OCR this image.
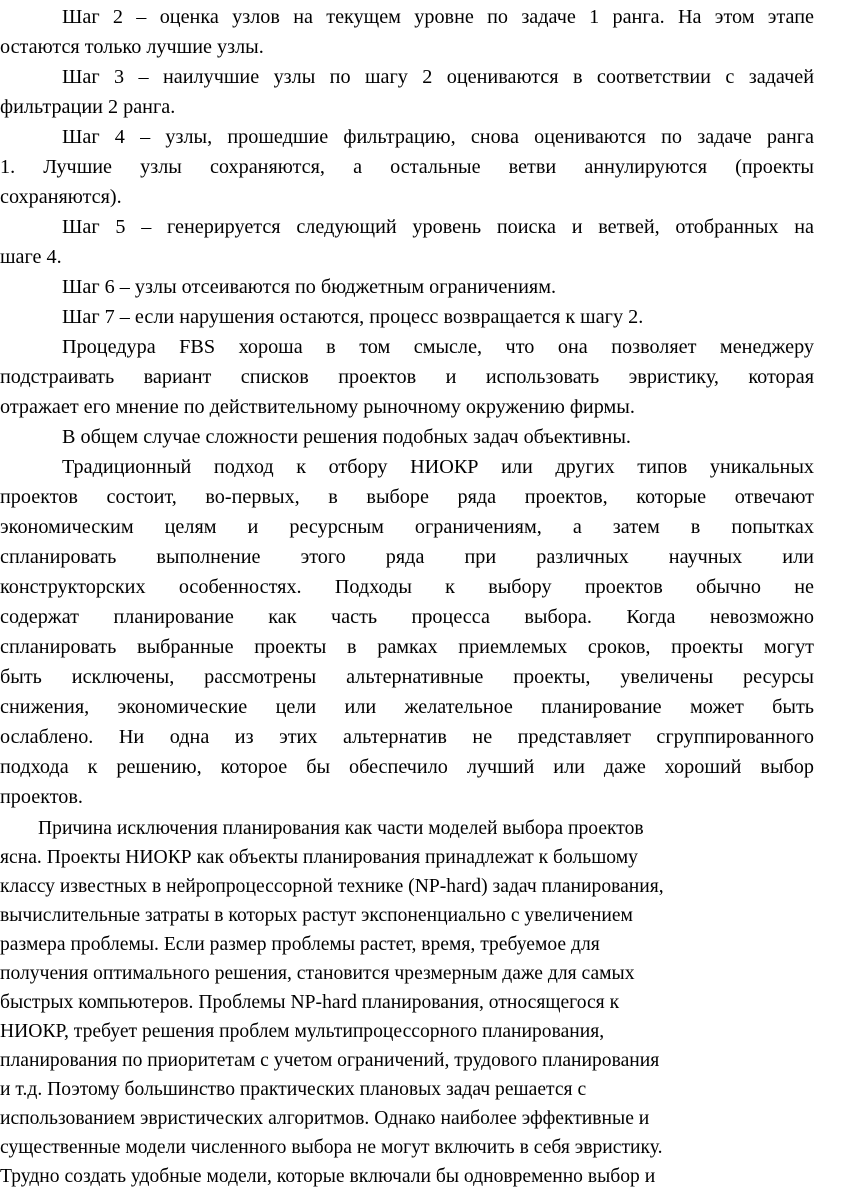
Шаг 2 – оценка узлов на текущем уровне по задаче 1 ранга. На этом этапе

остаются только лучшие узлы.

Шаг 3 – наилучшие узлы по шагу 2 оцениваются в соответствии с задачей

фильтрации 2 ранга.

Шаг 4 – узлы, прошедшие фильтрацию, снова оцениваются по задаче ранга

1. Лучшие узлы сохраняются, а остальные ветви аннулируются (проекты

сохраняются).

Шаг 5 – генерируется следующий уровень поиска и ветвей, отобранных на

шаге 4.

Шаг 6 – узлы отсеиваются по бюджетным ограничениям.

Шаг 7 – если нарушения остаются, процесс возвращается к шагу 2.

Процедура FBS хороша в том смысле, что она позволяет менеджеру

подстраивать вариант списков проектов и использовать эвристику, которая

отражает его мнение по действительному рыночному окружению фирмы.

В общем случае сложности решения подобных задач объективны.

Традиционный подход к отбору НИОКР или других типов уникальных

проектов состоит, во-первых, в выборе ряда проектов, которые отвечают

экономическим целям и ресурсным ограничениям, а затем в попытках

спланировать выполнение этого ряда при различных научных или

конструкторских особенностях. Подходы к выбору проектов обычно не

содержат планирование как часть процесса выбора. Когда невозможно

спланировать выбранные проекты в рамках приемлемых сроков, проекты могут

быть исключены, рассмотрены альтернативные проекты, увеличены ресурсы

снижения, экономические цели или желательное планирование может быть

ослаблено. Ни одна из этих альтернатив не представляет сгруппированного

подхода к решению, которое бы обеспечило лучший или даже хороший выбор

проектов.

Причина исключения планирования как части моделей выбора проектов

ясна. Проекты НИОКР как объекты планирования принадлежат к большому

классу известных в нейропроцессорной технике (NP-hard) задач планирования,

вычислительные затраты в которых растут экспоненциально с увеличением

размера проблемы. Если размер проблемы растет, время, требуемое для

получения оптимального решения, становится чрезмерным даже для самых

быстрых компьютеров. Проблемы NP-hard планирования, относящегося к

НИОКР, требует решения проблем мультипроцессорного планирования,

планирования по приоритетам с учетом ограничений, трудового планирования

и т.д. Поэтому большинство практических плановых задач решается с

использованием эвристических алгоритмов. Однако наиболее эффективные и

существенные модели численного выбора не могут включить в себя эвристику.

Трудно создать удобные модели, которые включали бы одновременно выбор и
